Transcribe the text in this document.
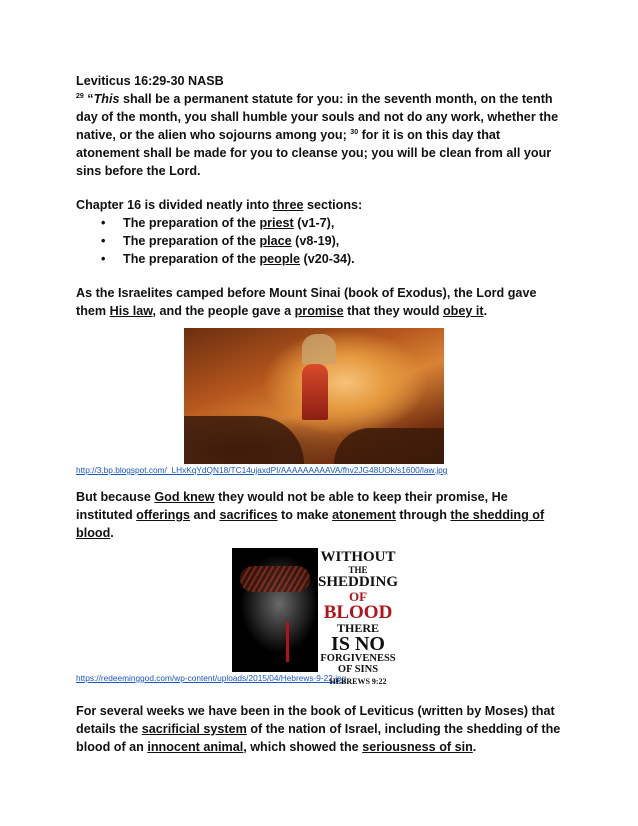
Leviticus 16:29-30 NASB

$^{29}$ “This shall be a permanent statute for you: in the seventh month, on the tenth day of the month, you shall humble your souls and not do any work, whether the native, or the alien who sojourns among you; $^{30}$ for it is on this day that atonement shall be made for you to cleanse you; you will be clean from all your sins before the Lord.

Chapter 16 is divided neatly into three sections:

• The preparation of the priest (v1-7),
• The preparation of the place (v8-19),
• The preparation of the people (v20-34).

As the Israelites camped before Mount Sinai (book of Exodus), the Lord gave them His law, and the people gave a promise that they would obey it.

http://3.bp.blogspot.com/_LHxKqYdQN18/TC14ujaxdPI/AAAAAAAAAVA/fhv2JG48UOk/s1600/law.jpg

But because God knew they would not be able to keep their promise, He instituted offerings and sacrifices to make atonement through the shedding of blood.

WITHOUT
THE
SHEDDING
OF
BLOOD
THERE
IS NO
FORGIVENESS
OF SINS
HEBREWS 9:22

https://redeeminggod.com/wp-content/uploads/2015/04/Hebrews-9-22.jpg

For several weeks we have been in the book of Leviticus (written by Moses) that details the sacrificial system of the nation of Israel, including the shedding of the blood of an innocent animal, which showed the seriousness of sin.
